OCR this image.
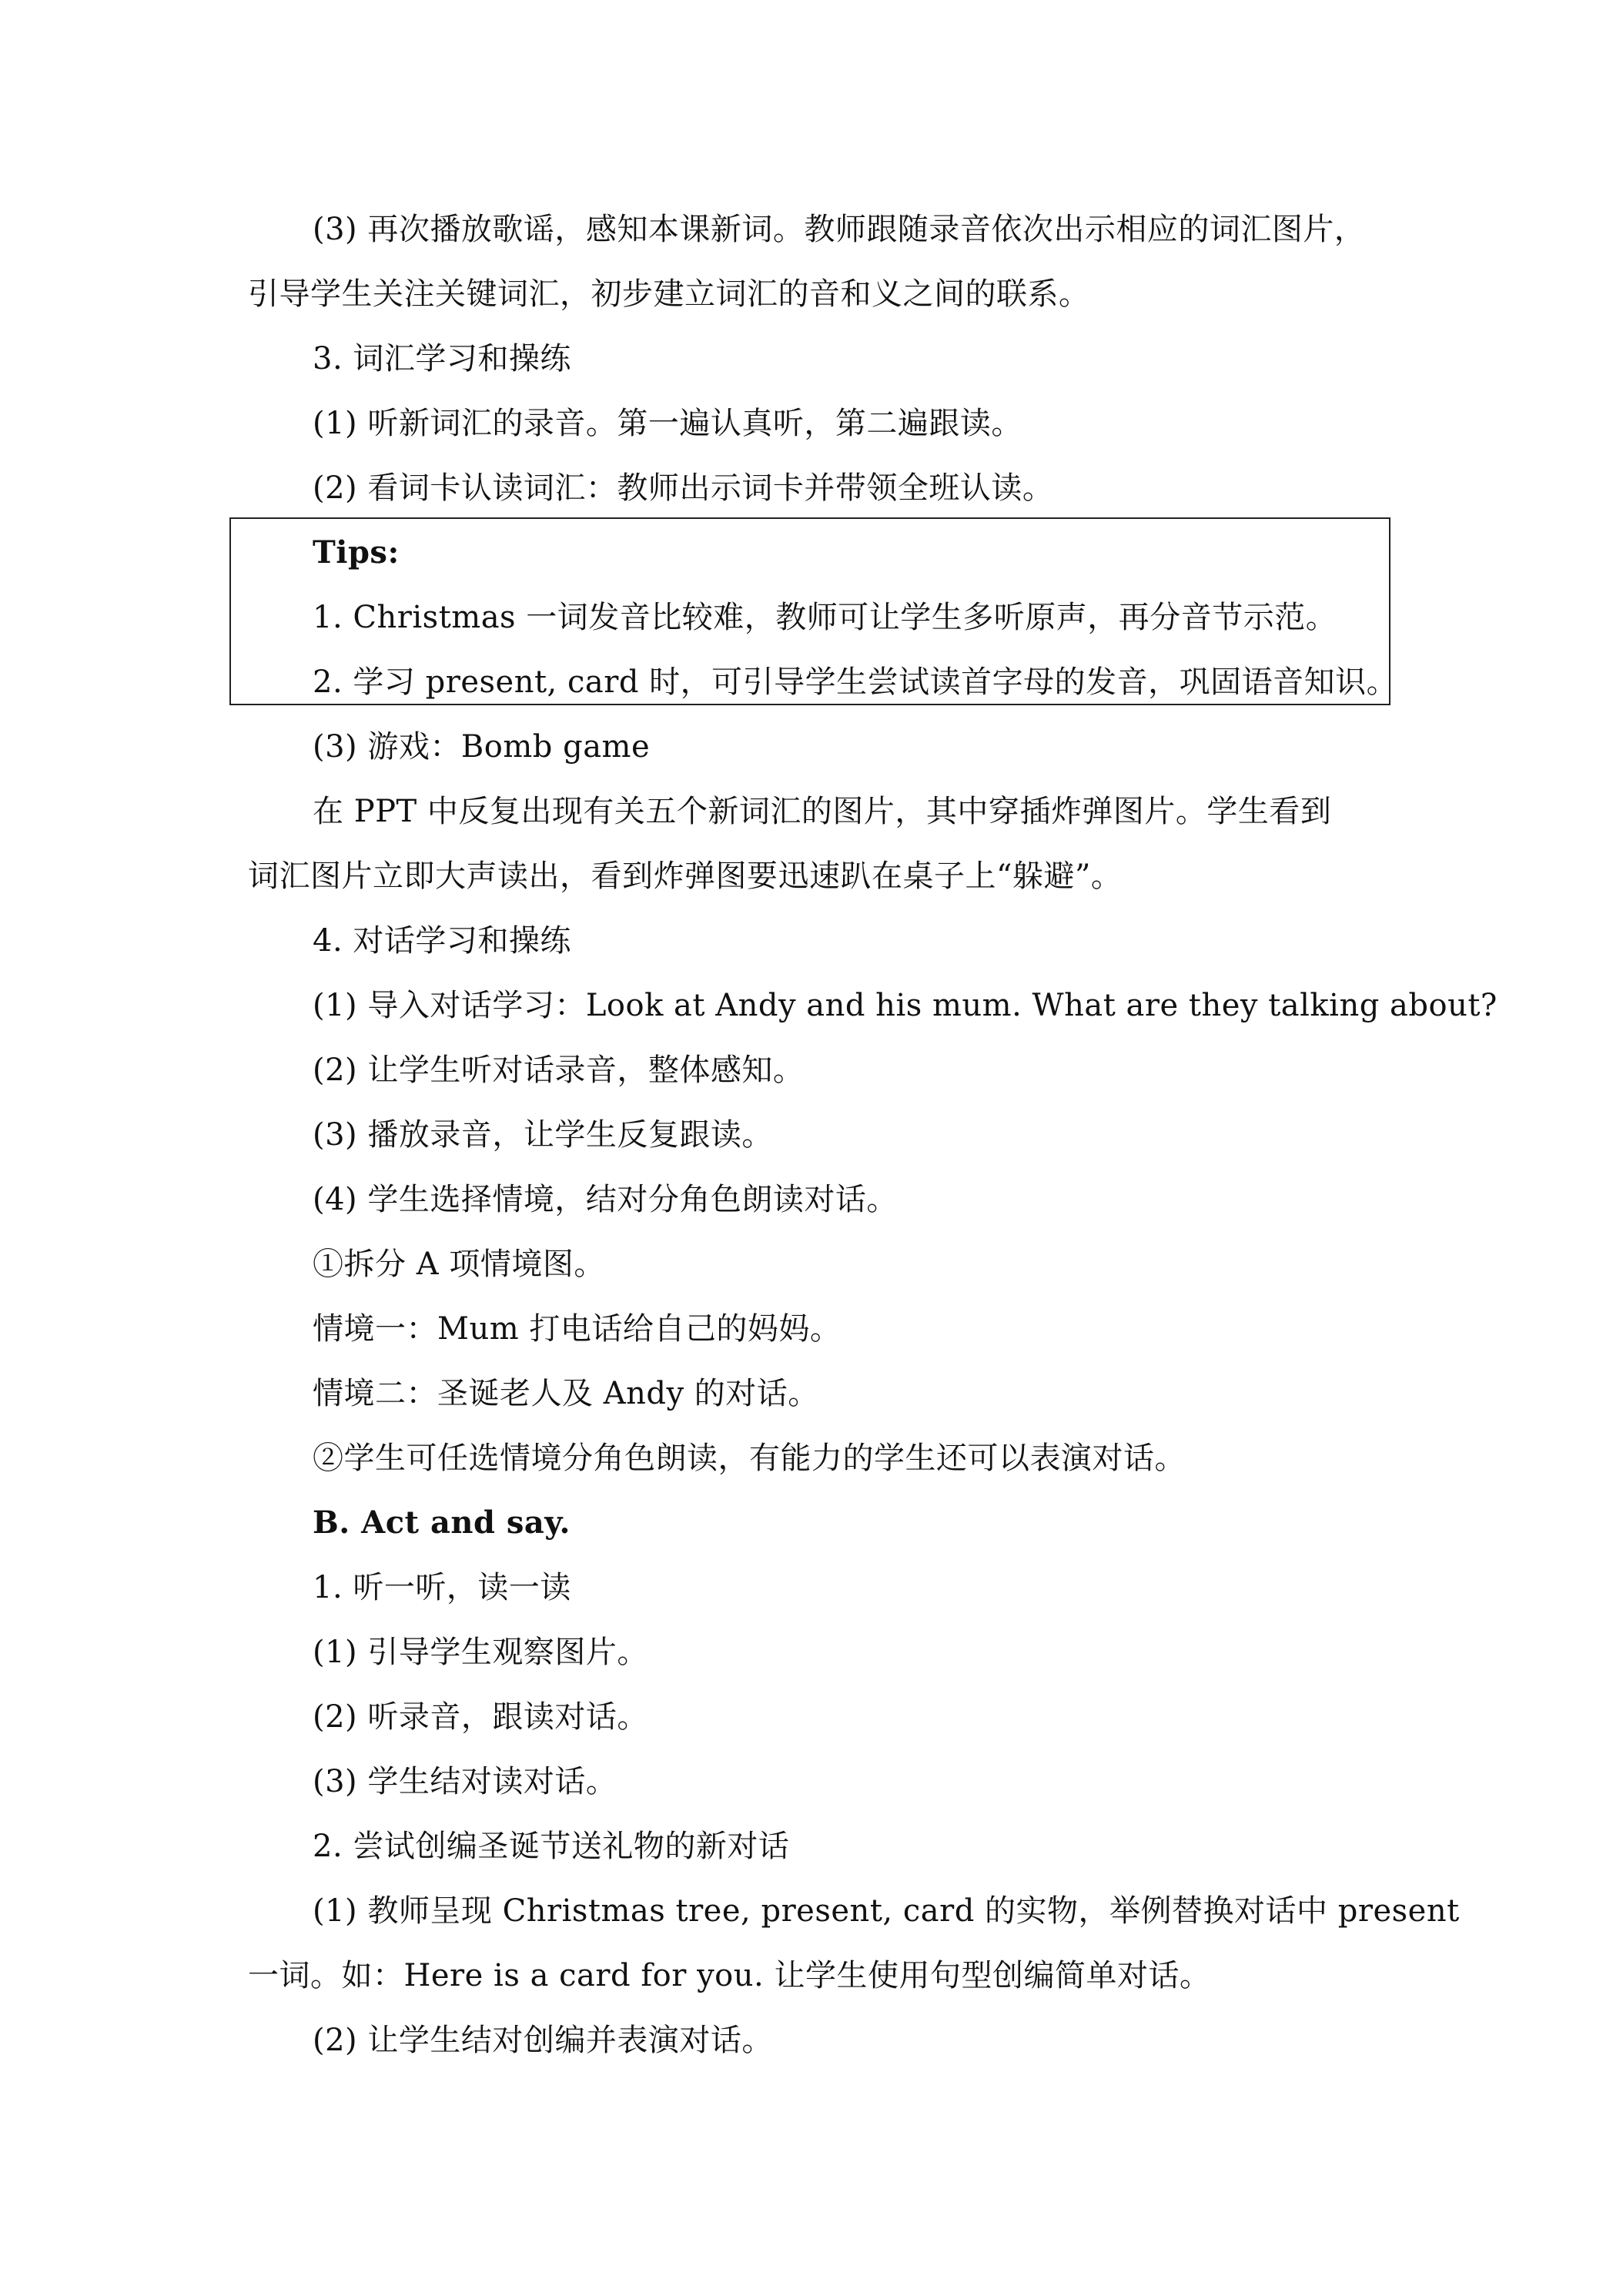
(3) 再次播放歌谣，感知本课新词。教师跟随录音依次出示相应的词汇图片，
引导学生关注关键词汇，初步建立词汇的音和义之间的联系。
3. 词汇学习和操练
(1) 听新词汇的录音。第一遍认真听，第二遍跟读。
(2) 看词卡认读词汇：教师出示词卡并带领全班认读。
Tips:
1. Christmas 一词发音比较难，教师可让学生多听原声，再分音节示范。
2. 学习 present, card 时，可引导学生尝试读首字母的发音，巩固语音知识。
(3) 游戏：Bomb game
在 PPT 中反复出现有关五个新词汇的图片，其中穿插炸弹图片。学生看到
词汇图片立即大声读出，看到炸弹图要迅速趴在桌子上“躲避”。
4. 对话学习和操练
(1) 导入对话学习：Look at Andy and his mum. What are they talking about?
(2) 让学生听对话录音，整体感知。
(3) 播放录音，让学生反复跟读。
(4) 学生选择情境，结对分角色朗读对话。
①拆分 A 项情境图。
情境一：Mum 打电话给自己的妈妈。
情境二：圣诞老人及 Andy 的对话。
②学生可任选情境分角色朗读，有能力的学生还可以表演对话。
B. Act and say.
1. 听一听，读一读
(1) 引导学生观察图片。
(2) 听录音，跟读对话。
(3) 学生结对读对话。
2. 尝试创编圣诞节送礼物的新对话
(1) 教师呈现 Christmas tree, present, card 的实物，举例替换对话中 present
一词。如：Here is a card for you. 让学生使用句型创编简单对话。
(2) 让学生结对创编并表演对话。
